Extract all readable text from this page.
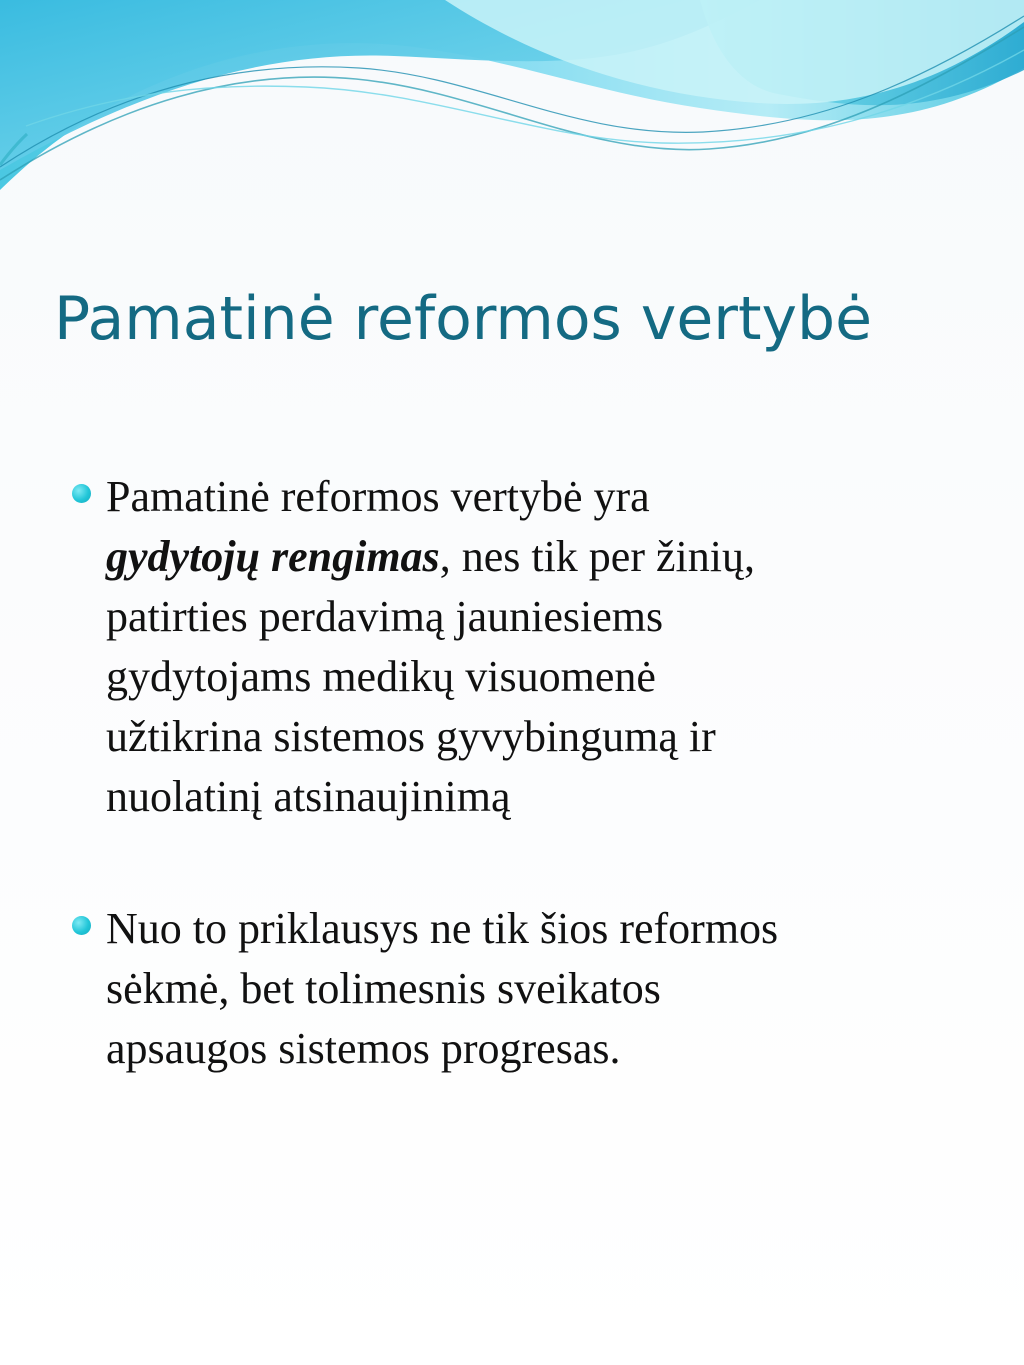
Pamatinė reformos vertybė
Pamatinė reformos vertybė yra
gydytojų rengimas, nes tik per žinių,
patirties perdavimą jauniesiems
gydytojams medikų visuomenė
užtikrina sistemos gyvybingumą ir
nuolatinį atsinaujinimą
Nuo to priklausys ne tik šios reformos
sėkmė, bet tolimesnis sveikatos
apsaugos sistemos progresas.
